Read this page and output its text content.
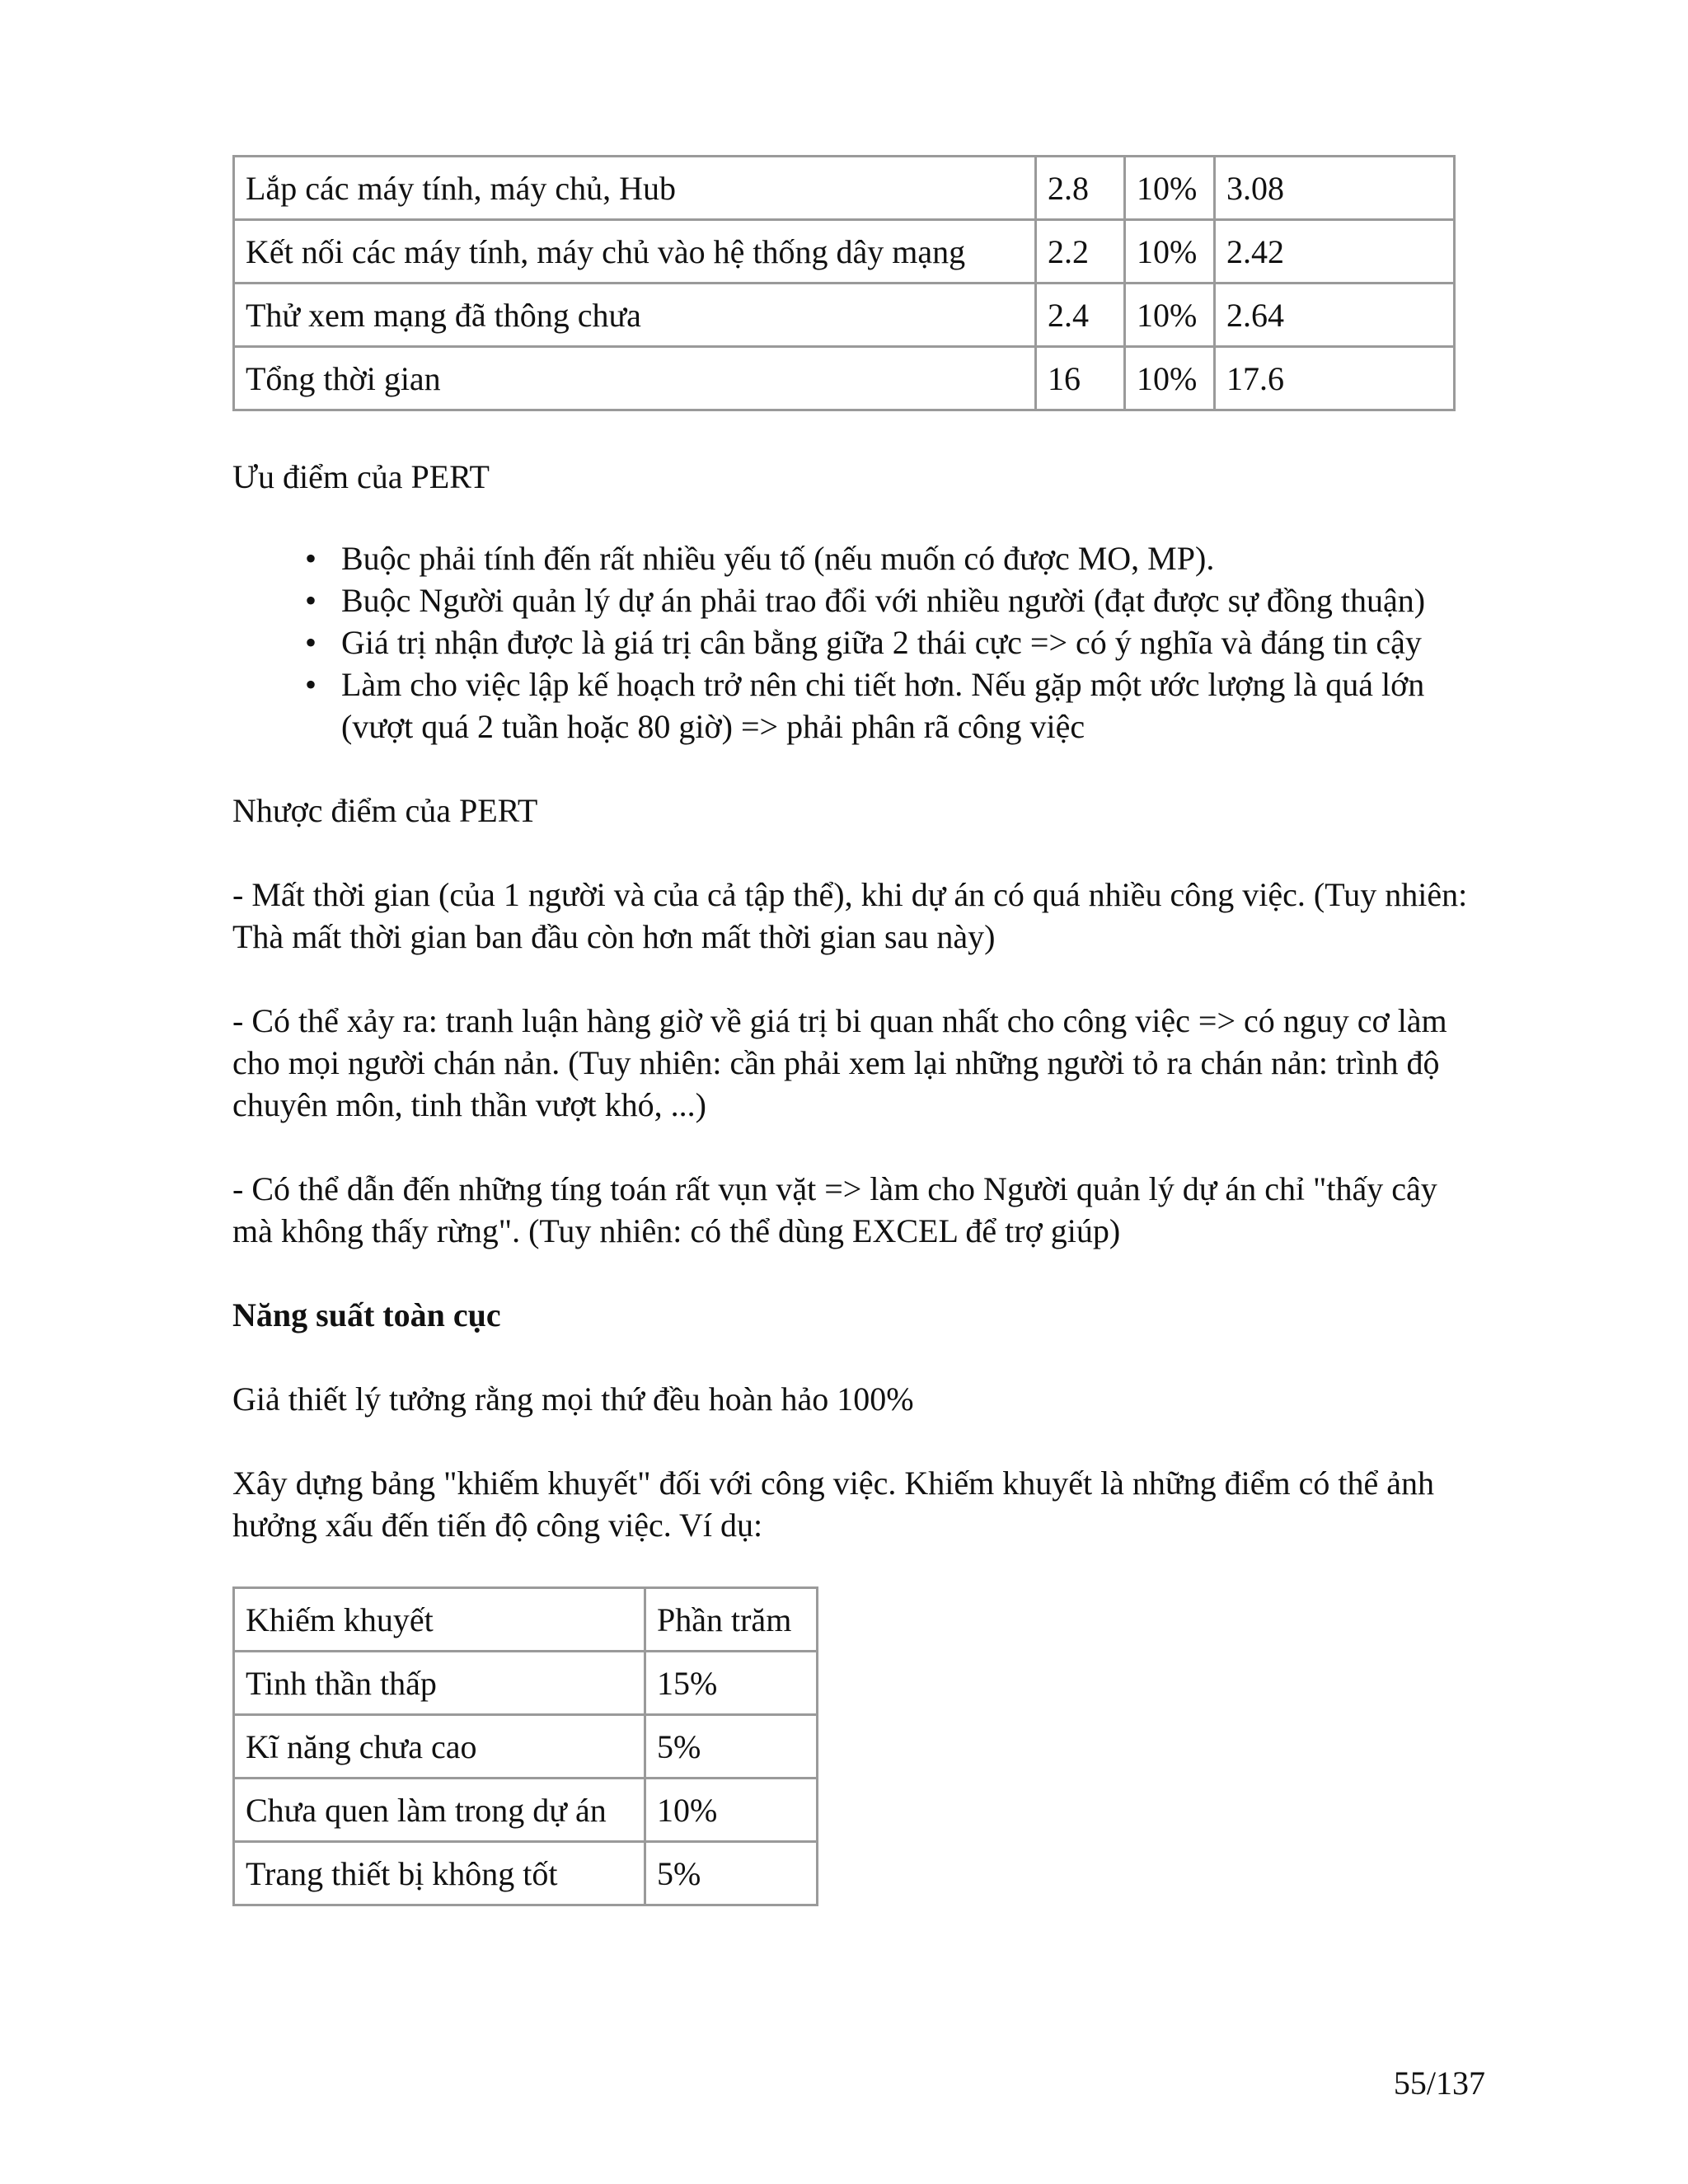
Lắp các máy tính, máy chủ, Hub	2.8	10%	3.08
Kết nối các máy tính, máy chủ vào hệ thống dây mạng	2.2	10%	2.42
Thử xem mạng đã thông chưa	2.4	10%	2.64
Tổng thời gian	16	10%	17.6

Ưu điểm của PERT

• Buộc phải tính đến rất nhiều yếu tố (nếu muốn có được MO, MP).
• Buộc Người quản lý dự án phải trao đổi với nhiều người (đạt được sự đồng thuận)
• Giá trị nhận được là giá trị cân bằng giữa 2 thái cực => có ý nghĩa và đáng tin cậy
• Làm cho việc lập kế hoạch trở nên chi tiết hơn. Nếu gặp một ước lượng là quá lớn (vượt quá 2 tuần hoặc 80 giờ) => phải phân rã công việc

Nhược điểm của PERT

- Mất thời gian (của 1 người và của cả tập thể), khi dự án có quá nhiều công việc. (Tuy nhiên: Thà mất thời gian ban đầu còn hơn mất thời gian sau này)

- Có thể xảy ra: tranh luận hàng giờ về giá trị bi quan nhất cho công việc => có nguy cơ làm cho mọi người chán nản. (Tuy nhiên: cần phải xem lại những người tỏ ra chán nản: trình độ chuyên môn, tinh thần vượt khó, ...)

- Có thể dẫn đến những tíng toán rất vụn vặt => làm cho Người quản lý dự án chỉ "thấy cây mà không thấy rừng". (Tuy nhiên: có thể dùng EXCEL để trợ giúp)

Năng suất toàn cục

Giả thiết lý tưởng rằng mọi thứ đều hoàn hảo 100%

Xây dựng bảng "khiếm khuyết" đối với công việc. Khiếm khuyết là những điểm có thể ảnh hưởng xấu đến tiến độ công việc. Ví dụ:

Khiếm khuyết	Phần trăm
Tinh thần thấp	15%
Kĩ năng chưa cao	5%
Chưa quen làm trong dự án	10%
Trang thiết bị không tốt	5%
55/137
